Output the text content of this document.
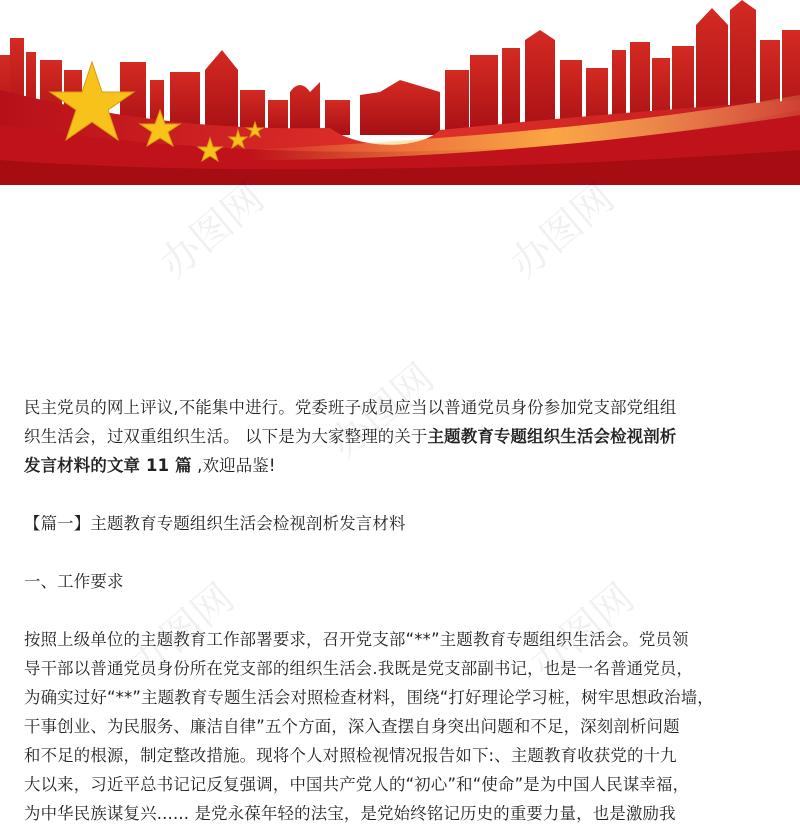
办图网	办图网
办图网
办图网	办图网

民主党员的网上评议,不能集中进行。党委班子成员应当以普通党员身份参加党支部党组组

织生活会，过双重组织生活。 以下是为大家整理的关于主题教育专题组织生活会检视剖析

发言材料的文章 11 篇 ,欢迎品鉴!

【篇一】主题教育专题组织生活会检视剖析发言材料

一、工作要求

按照上级单位的主题教育工作部署要求，召开党支部“**”主题教育专题组织生活会。党员领

导干部以普通党员身份所在党支部的组织生活会.我既是党支部副书记，也是一名普通党员，

为确实过好“**”主题教育专题生活会对照检查材料，围绕“打好理论学习桩，树牢思想政治墙，

干事创业、为民服务、廉洁自律”五个方面，深入查摆自身突出问题和不足，深刻剖析问题

和不足的根源，制定整改措施。现将个人对照检视情况报告如下:、主题教育收获党的十九

大以来，习近平总书记记反复强调，中国共产党人的“初心”和“使命”是为中国人民谋幸福，

为中华民族谋复兴...... 是党永葆年轻的法宝，是党始终铭记历史的重要力量，也是激励我
